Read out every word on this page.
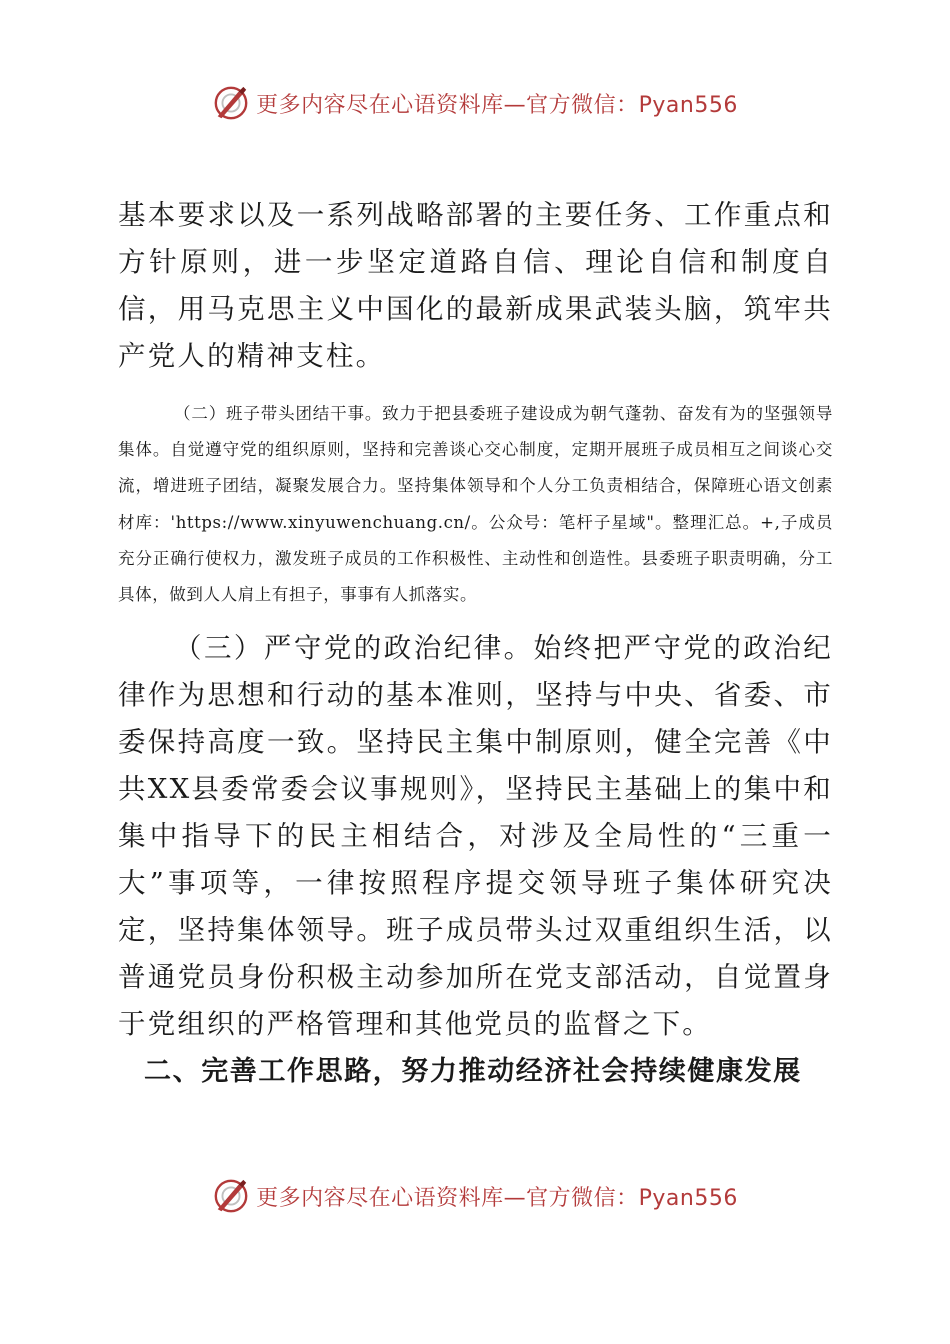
更多内容尽在心语资料库—官方微信：Pyan556

基本要求以及一系列战略部署的主要任务、工作重点和方针原则，进一步坚定道路自信、理论自信和制度自信，用马克思主义中国化的最新成果武装头脑，筑牢共产党人的精神支柱。

（二）班子带头团结干事。致力于把县委班子建设成为朝气蓬勃、奋发有为的坚强领导集体。自觉遵守党的组织原则，坚持和完善谈心交心制度，定期开展班子成员相互之间谈心交流，增进班子团结，凝聚发展合力。坚持集体领导和个人分工负责相结合，保障班心语文创素材库：'https://www.xinyuwenchuang.cn/。公众号：笔杆子星域"。整理汇总。+,子成员充分正确行使权力，激发班子成员的工作积极性、主动性和创造性。县委班子职责明确，分工具体，做到人人肩上有担子，事事有人抓落实。

（三）严守党的政治纪律。始终把严守党的政治纪律作为思想和行动的基本准则，坚持与中央、省委、市委保持高度一致。坚持民主集中制原则，健全完善《中共XX县委常委会议事规则》，坚持民主基础上的集中和集中指导下的民主相结合，对涉及全局性的“三重一大”事项等，一律按照程序提交领导班子集体研究决定，坚持集体领导。班子成员带头过双重组织生活，以普通党员身份积极主动参加所在党支部活动，自觉置身于党组织的严格管理和其他党员的监督之下。

二、完善工作思路，努力推动经济社会持续健康发展
更多内容尽在心语资料库—官方微信：Pyan556
